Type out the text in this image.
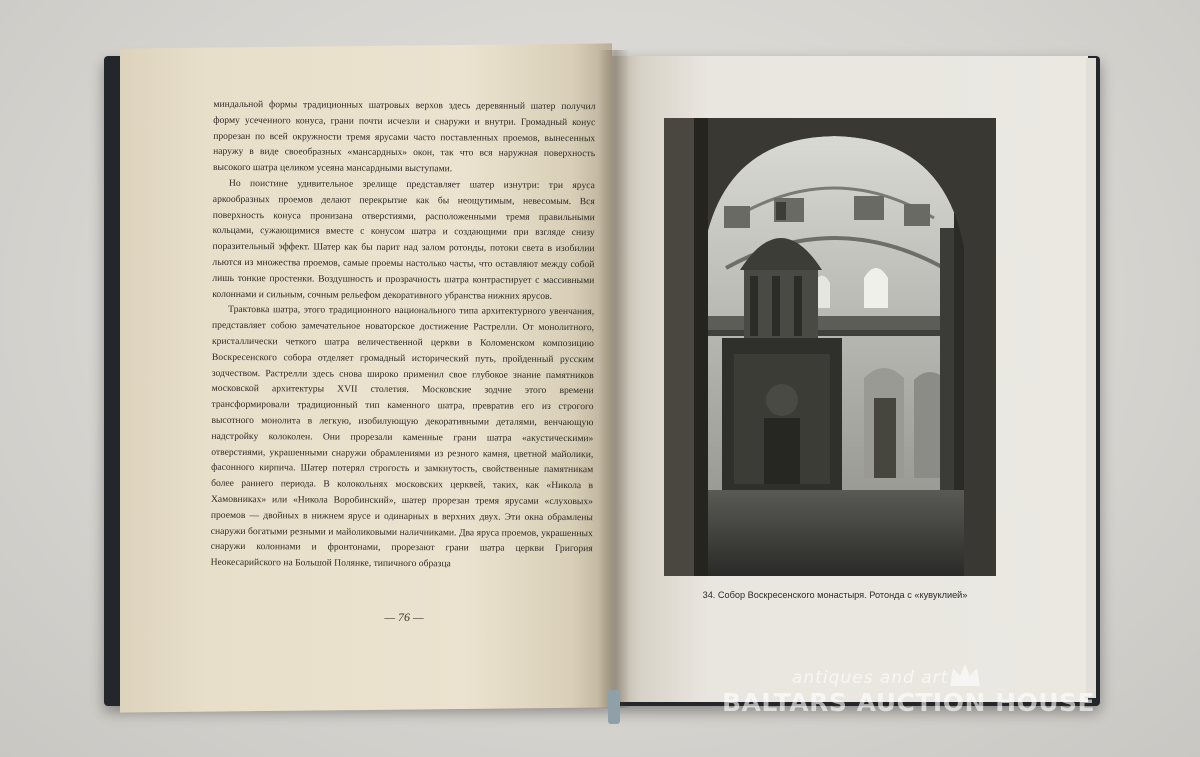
миндальной формы традиционных шатровых верхов здесь деревянный шатер получил форму усеченного конуса, грани почти исчезли и снаружи и внутри. Громадный конус прорезан по всей окружности тремя ярусами часто поставленных проемов, вынесенных наружу в виде своеобразных «мансардных» окон, так что вся наружная поверхность высокого шатра целиком усеяна мансардными выступами.

Но поистине удивительное зрелище представляет шатер изнутри: три яруса аркообразных проемов делают перекрытие как бы неощутимым, невесомым. Вся поверхность конуса пронизана отверстиями, расположенными тремя правильными кольцами, сужающимися вместе с конусом шатра и создающими при взгляде снизу поразительный эффект. Шатер как бы парит над залом ротонды, потоки света в изобилии льются из множества проемов, самые проемы настолько часты, что оставляют между собой лишь тонкие простенки. Воздушность и прозрачность шатра контрастирует с массивными колоннами и сильным, сочным рельефом декоративного убранства нижних ярусов.

Трактовка шатра, этого традиционного национального типа архитектурного увенчания, представляет собою замечательное новаторское достижение Растрелли. От монолитного, кристаллически четкого шатра величественной церкви в Коломенском композицию Воскресенского собора отделяет громадный исторический путь, пройденный русским зодчеством. Растрелли здесь снова широко применил свое глубокое знание памятников московской архитектуры XVII столетия. Московские зодчие этого времени трансформировали традиционный тип каменного шатра, превратив его из строгого высотного монолита в легкую, изобилующую декоративными деталями, венчающую надстройку колоколен. Они прорезали каменные грани шатра «акустическими» отверстиями, украшенными снаружи обрамлениями из резного камня, цветной майолики, фасонного кирпича. Шатер потерял строгость и замкнутость, свойственные памятникам более раннего периода. В колокольнях московских церквей, таких, как «Никола в Хамовниках» или «Никола Воробинский», шатер прорезан тремя ярусами «слуховых» проемов — двойных в нижнем ярусе и одинарных в верхних двух. Эти окна обрамлены снаружи богатыми резными и майоликовыми наличниками. Два яруса проемов, украшенных снаружи колоннами и фронтонами, прорезают грани шатра церкви Григория Неокесарийского на Большой Полянке, типичного образца

— 76 —
34. Собор Воскресенского монастыря. Ротонда с «кувуклией»
antiques and art
BALTARS AUCTION HOUSE
